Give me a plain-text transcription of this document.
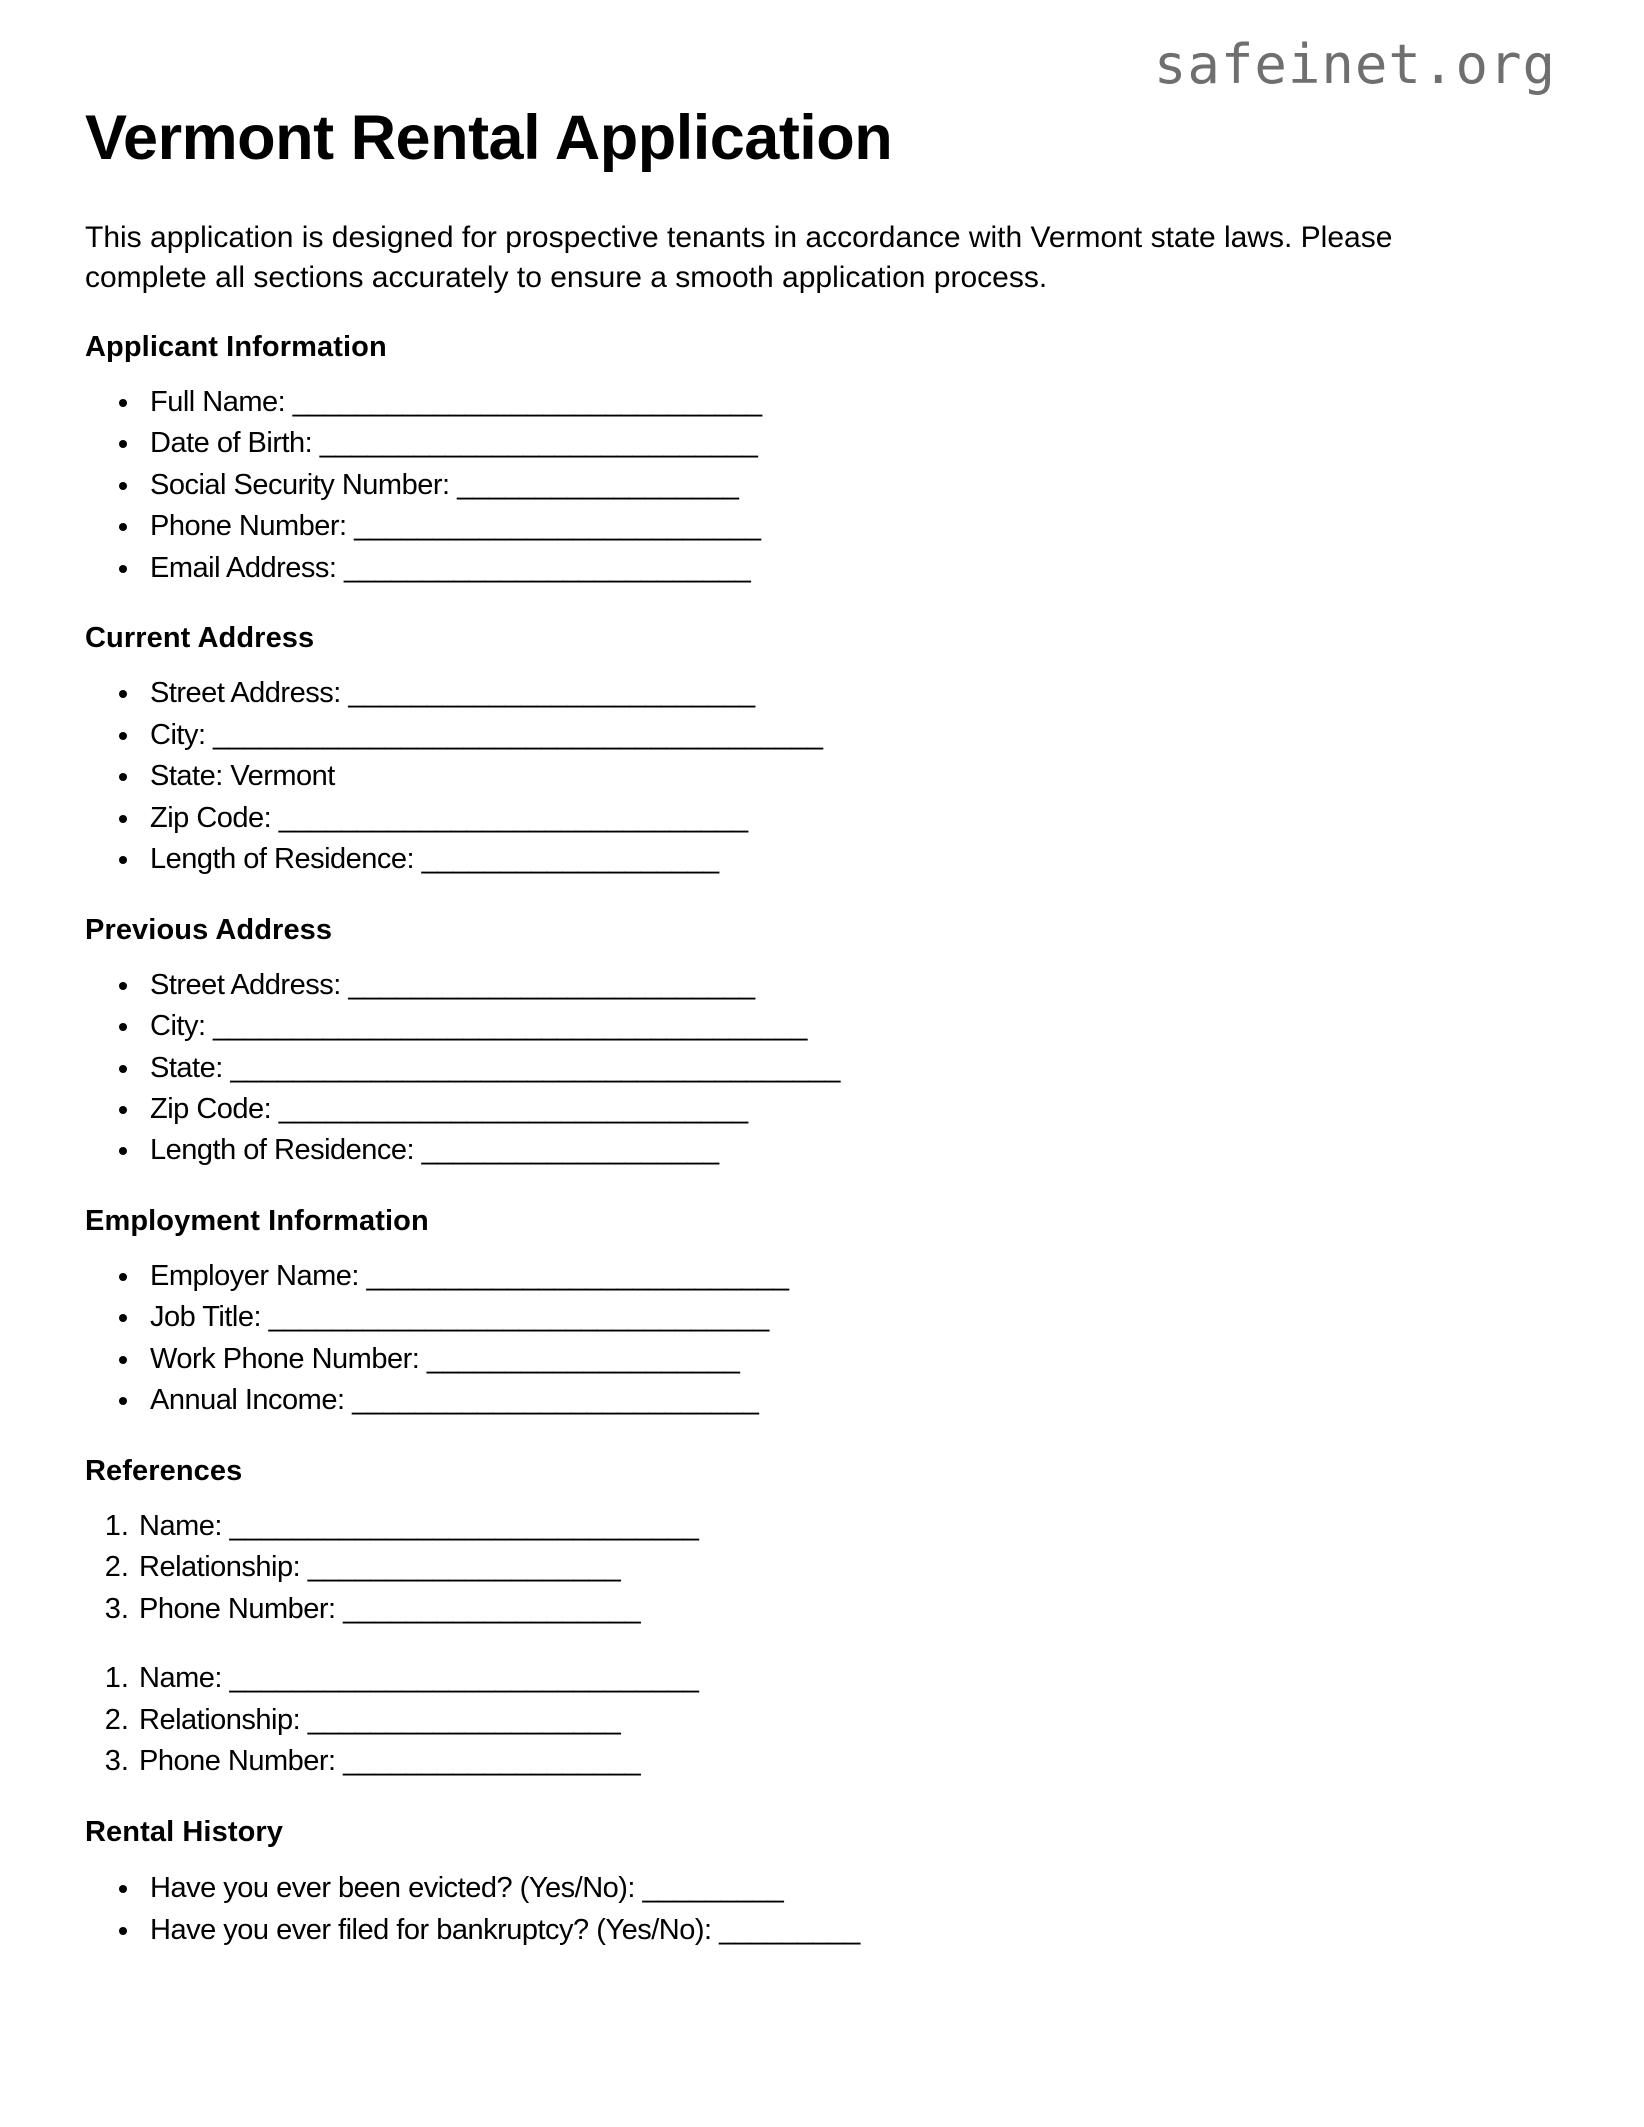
safeinet.org
Vermont Rental Application

This application is designed for prospective tenants in accordance with Vermont state laws. Please complete all sections accurately to ensure a smooth application process.

Applicant Information
• Full Name: ______________________________
• Date of Birth: ____________________________
• Social Security Number: __________________
• Phone Number: __________________________
• Email Address: __________________________
Current Address
• Street Address: __________________________
• City: _______________________________________
• State: Vermont
• Zip Code: ______________________________
• Length of Residence: ___________________
Previous Address
• Street Address: __________________________
• City: ______________________________________
• State: _______________________________________
• Zip Code: ______________________________
• Length of Residence: ___________________
Employment Information
• Employer Name: ___________________________
• Job Title: ________________________________
• Work Phone Number: ____________________
• Annual Income: __________________________
References
1. Name: ______________________________
2. Relationship: ____________________
3. Phone Number: ___________________
1. Name: ______________________________
2. Relationship: ____________________
3. Phone Number: ___________________
Rental History
• Have you ever been evicted? (Yes/No): _________
• Have you ever filed for bankruptcy? (Yes/No): _________
